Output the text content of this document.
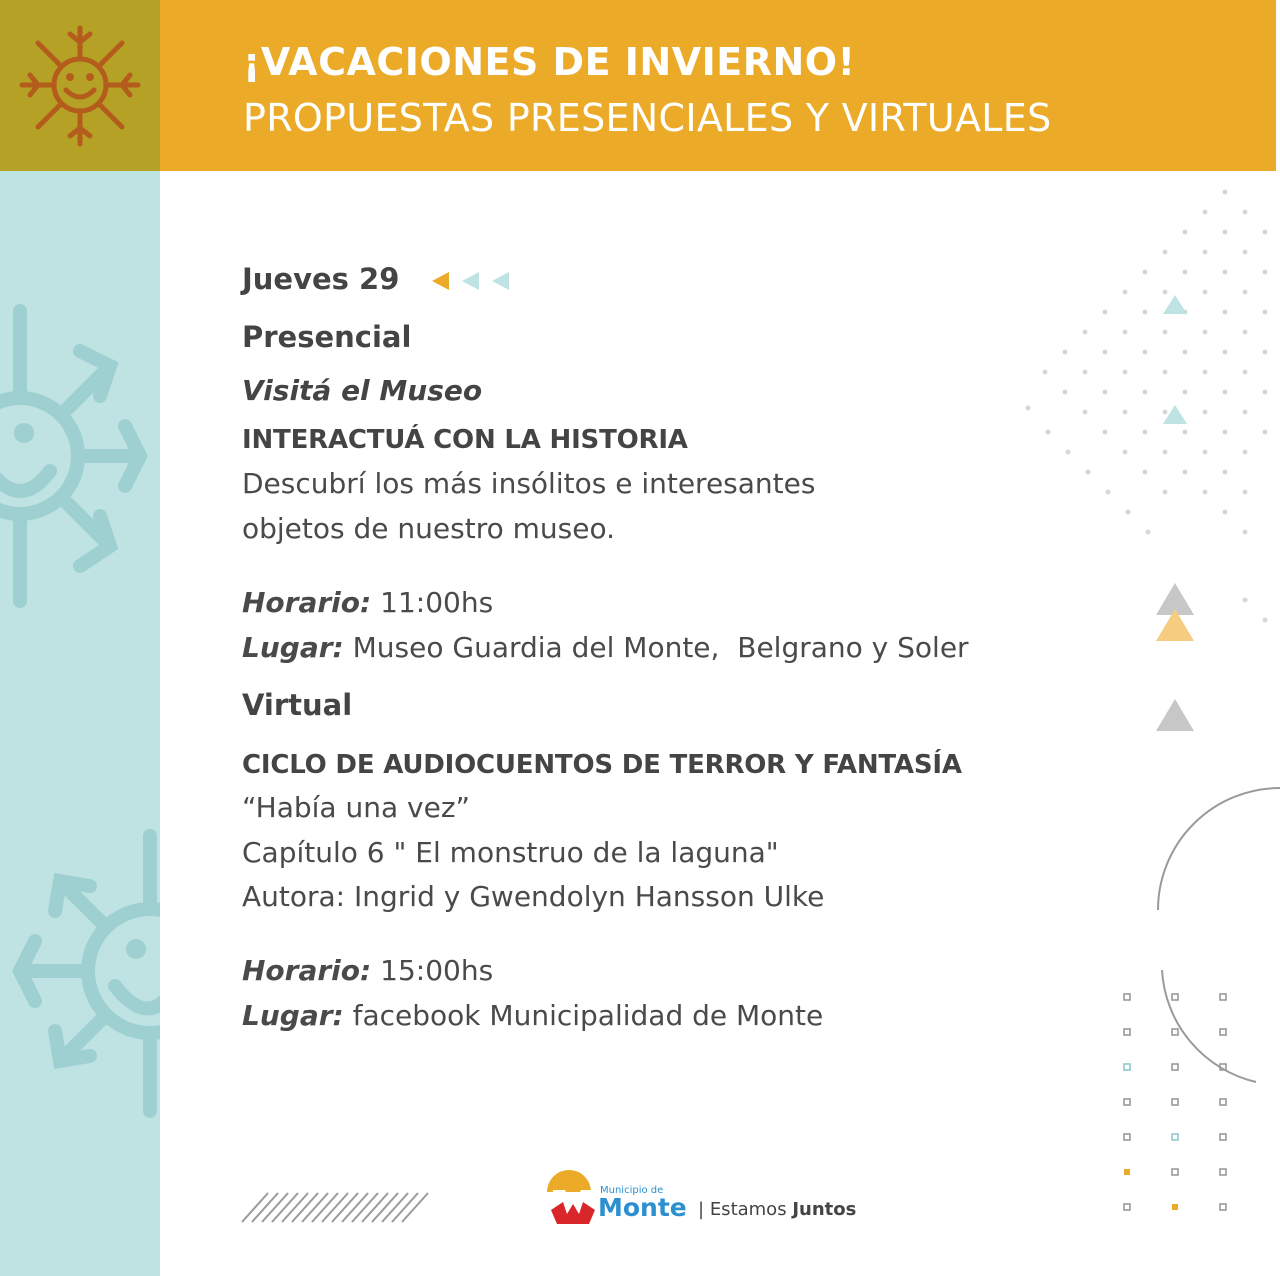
¡VACACIONES DE INVIERNO!
PROPUESTAS PRESENCIALES Y VIRTUALES
Jueves 29
Presencial
Visitá el Museo
INTERACTUÁ CON LA HISTORIA
Descubrí los más insólitos e interesantes
objetos de nuestro museo.
Horario: 11:00hs
Lugar: Museo Guardia del Monte,  Belgrano y Soler
Virtual
CICLO DE AUDIOCUENTOS DE TERROR Y FANTASÍA
“Había una vez”
Capítulo 6 " El monstruo de la laguna"
Autora: Ingrid y Gwendolyn Hansson Ulke
Horario: 15:00hs
Lugar: facebook Municipalidad de Monte
Municipio de
Monte | Estamos Juntos
